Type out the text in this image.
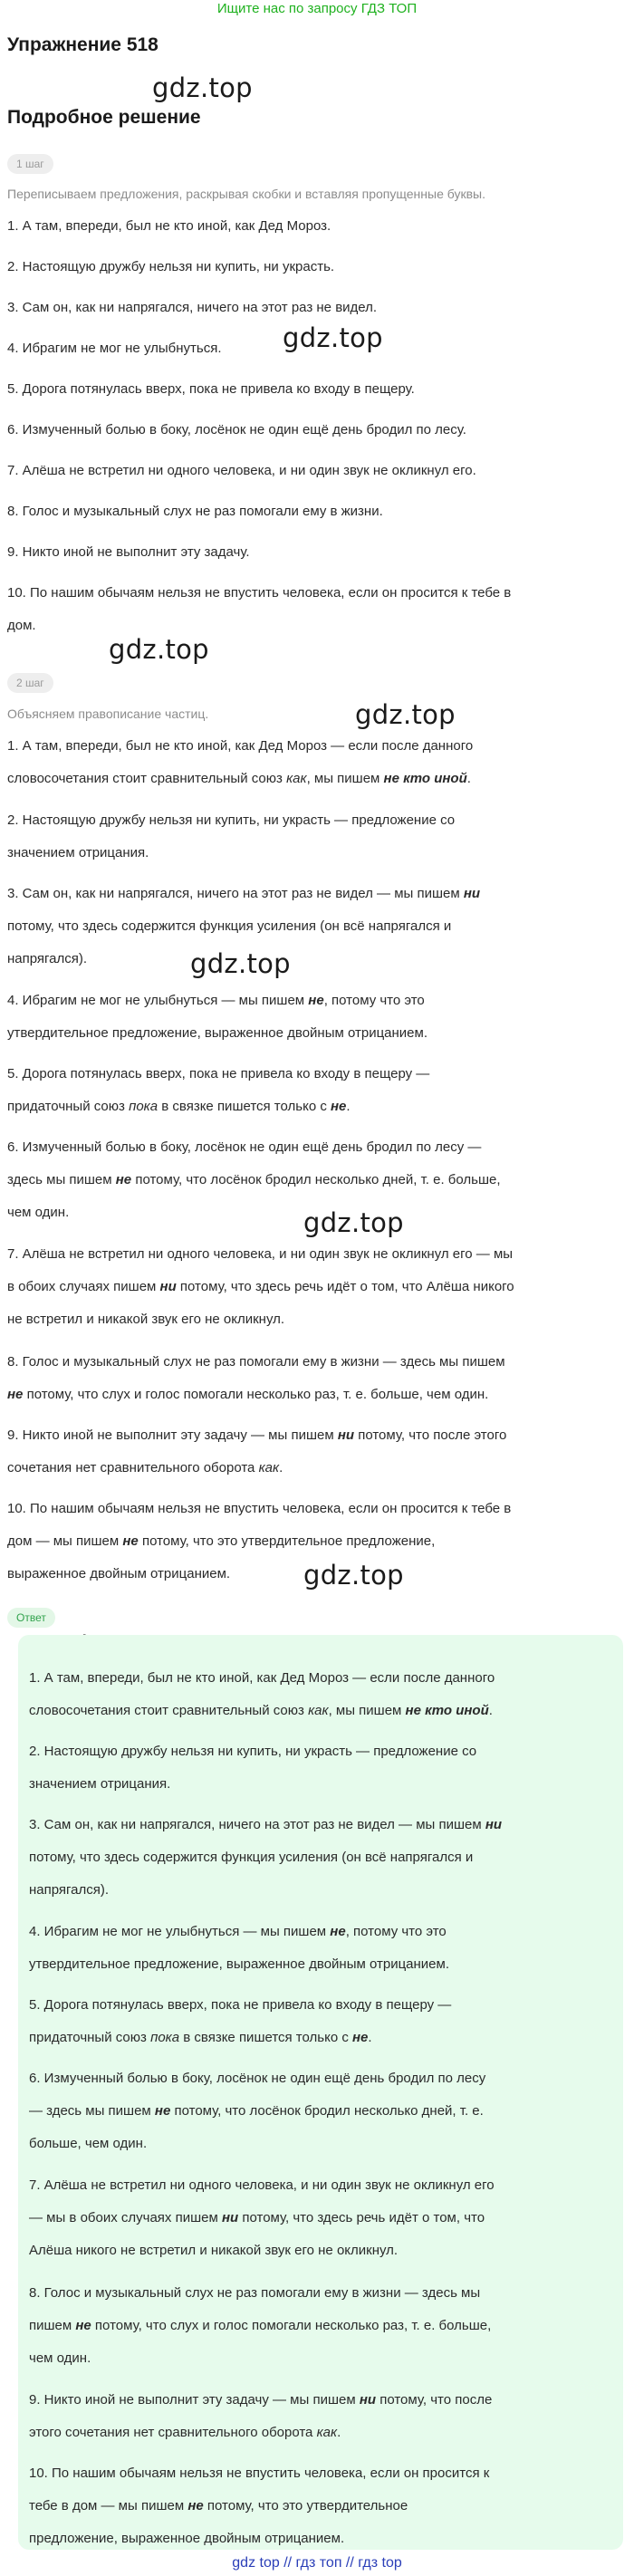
Ищите нас по запросу ГДЗ ТОП
Упражнение 518
Подробное решение
gdz.top
gdz.top
gdz.top
gdz.top
gdz.top
gdz.top
gdz.top
1 шаг
Переписываем предложения, раскрывая скобки и вставляя пропущенные буквы.
1. А там, впереди, был не кто иной, как Дед Мороз.
2. Настоящую дружбу нельзя ни купить, ни украсть.
3. Сам он, как ни напрягался, ничего на этот раз не видел.
4. Ибрагим не мог не улыбнуться.
5. Дорога потянулась вверх, пока не привела ко входу в пещеру.
6. Измученный болью в боку, лосёнок не один ещё день бродил по лесу.
7. Алёша не встретил ни одного человека, и ни один звук не окликнул его.
8. Голос и музыкальный слух не раз помогали ему в жизни.
9. Никто иной не выполнит эту задачу.
10. По нашим обычаям нельзя не впустить человека, если он просится к тебе в
дом.
2 шаг
Объясняем правописание частиц.
1. А там, впереди, был не кто иной, как Дед Мороз — если после данного
словосочетания стоит сравнительный союз как, мы пишем не кто иной.
2. Настоящую дружбу нельзя ни купить, ни украсть — предложение со
значением отрицания.
3. Сам он, как ни напрягался, ничего на этот раз не видел — мы пишем ни
потому, что здесь содержится функция усиления (он всё напрягался и
напрягался).
4. Ибрагим не мог не улыбнуться — мы пишем не, потому что это
утвердительное предложение, выраженное двойным отрицанием.
5. Дорога потянулась вверх, пока не привела ко входу в пещеру —
придаточный союз пока в связке пишется только с не.
6. Измученный болью в боку, лосёнок не один ещё день бродил по лесу —
здесь мы пишем не потому, что лосёнок бродил несколько дней, т. е. больше,
чем один.
7. Алёша не встретил ни одного человека, и ни один звук не окликнул его — мы
в обоих случаях пишем ни потому, что здесь речь идёт о том, что Алёша никого
не встретил и никакой звук его не окликнул.
8. Голос и музыкальный слух не раз помогали ему в жизни — здесь мы пишем
не потому, что слух и голос помогали несколько раз, т. е. больше, чем один.
9. Никто иной не выполнит эту задачу — мы пишем ни потому, что после этого
сочетания нет сравнительного оборота как.
10. По нашим обычаям нельзя не впустить человека, если он просится к тебе в
дом — мы пишем не потому, что это утвердительное предложение,
выраженное двойным отрицанием.
Ответ
1. А там, впереди, был не кто иной, как Дед Мороз — если после данного
словосочетания стоит сравнительный союз как, мы пишем не кто иной.
2. Настоящую дружбу нельзя ни купить, ни украсть — предложение со
значением отрицания.
3. Сам он, как ни напрягался, ничего на этот раз не видел — мы пишем ни
потому, что здесь содержится функция усиления (он всё напрягался и
напрягался).
4. Ибрагим не мог не улыбнуться — мы пишем не, потому что это
утвердительное предложение, выраженное двойным отрицанием.
5. Дорога потянулась вверх, пока не привела ко входу в пещеру —
придаточный союз пока в связке пишется только с не.
6. Измученный болью в боку, лосёнок не один ещё день бродил по лесу
— здесь мы пишем не потому, что лосёнок бродил несколько дней, т. е.
больше, чем один.
7. Алёша не встретил ни одного человека, и ни один звук не окликнул его
— мы в обоих случаях пишем ни потому, что здесь речь идёт о том, что
Алёша никого не встретил и никакой звук его не окликнул.
8. Голос и музыкальный слух не раз помогали ему в жизни — здесь мы
пишем не потому, что слух и голос помогали несколько раз, т. е. больше,
чем один.
9. Никто иной не выполнит эту задачу — мы пишем ни потому, что после
этого сочетания нет сравнительного оборота как.
10. По нашим обычаям нельзя не впустить человека, если он просится к
тебе в дом — мы пишем не потому, что это утвердительное
предложение, выраженное двойным отрицанием.
gdz top // гдз топ // гдз top
